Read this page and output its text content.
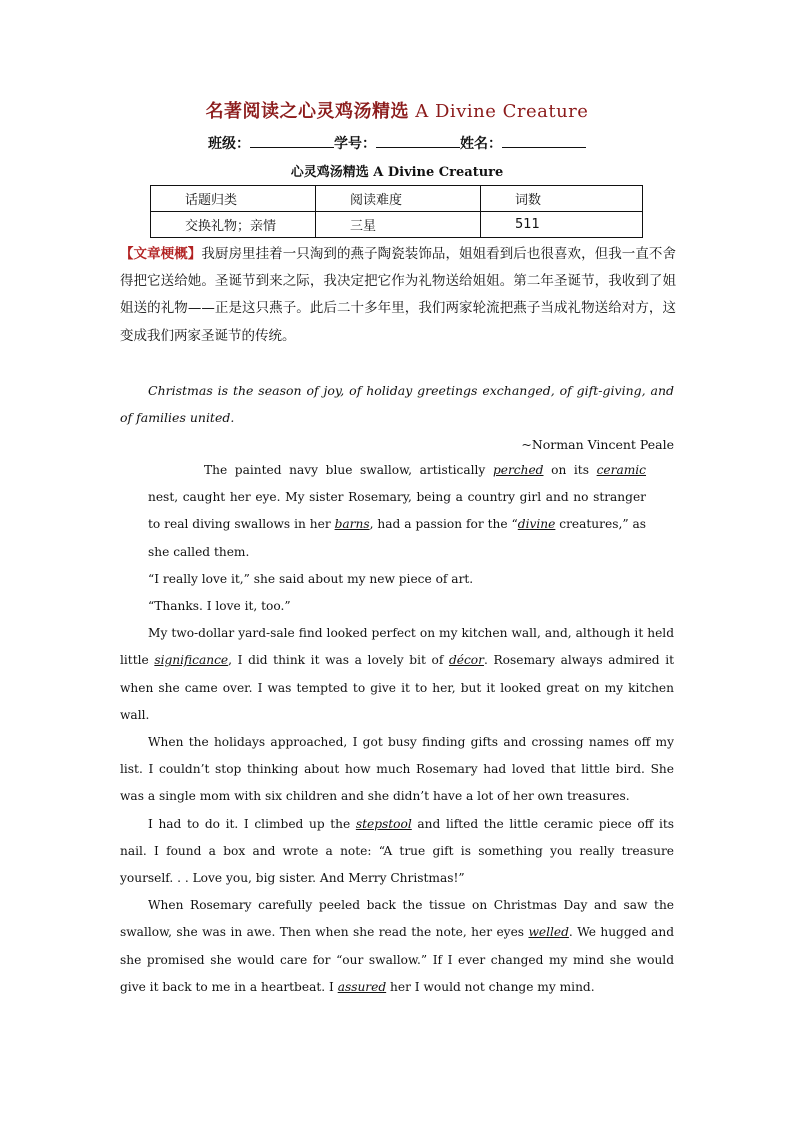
名著阅读之心灵鸡汤精选 A Divine Creature
班级：	学号：	姓名：
心灵鸡汤精选 A Divine Creature
话题归类	阅读难度	词数
交换礼物；亲情	三星	511
【文章梗概】我厨房里挂着一只淘到的燕子陶瓷装饰品，姐姐看到后也很喜欢，但我一直不舍得把它送给她。圣诞节到来之际，我决定把它作为礼物送给姐姐。第二年圣诞节，我收到了姐姐送的礼物——正是这只燕子。此后二十多年里，我们两家轮流把燕子当成礼物送给对方，这变成我们两家圣诞节的传统。
Christmas is the season of joy, of holiday greetings exchanged, of gift-giving, and of families united.
~Norman Vincent Peale

The painted navy blue swallow, artistically perched on its ceramic nest, caught her eye. My sister Rosemary, being a country girl and no stranger to real diving swallows in her barns, had a passion for the “divine creatures,” as she called them.

“I really love it,” she said about my new piece of art.

“Thanks. I love it, too.”

My two-dollar yard-sale find looked perfect on my kitchen wall, and, although it held little significance, I did think it was a lovely bit of décor. Rosemary always admired it when she came over. I was tempted to give it to her, but it looked great on my kitchen wall.

When the holidays approached, I got busy finding gifts and crossing names off my list. I couldn’t stop thinking about how much Rosemary had loved that little bird. She was a single mom with six children and she didn’t have a lot of her own treasures.

I had to do it. I climbed up the stepstool and lifted the little ceramic piece off its nail. I found a box and wrote a note: “A true gift is something you really treasure yourself. . . Love you, big sister. And Merry Christmas!”

When Rosemary carefully peeled back the tissue on Christmas Day and saw the swallow, she was in awe. Then when she read the note, her eyes welled. We hugged and she promised she would care for “our swallow.” If I ever changed my mind she would give it back to me in a heartbeat. I assured her I would not change my mind.
